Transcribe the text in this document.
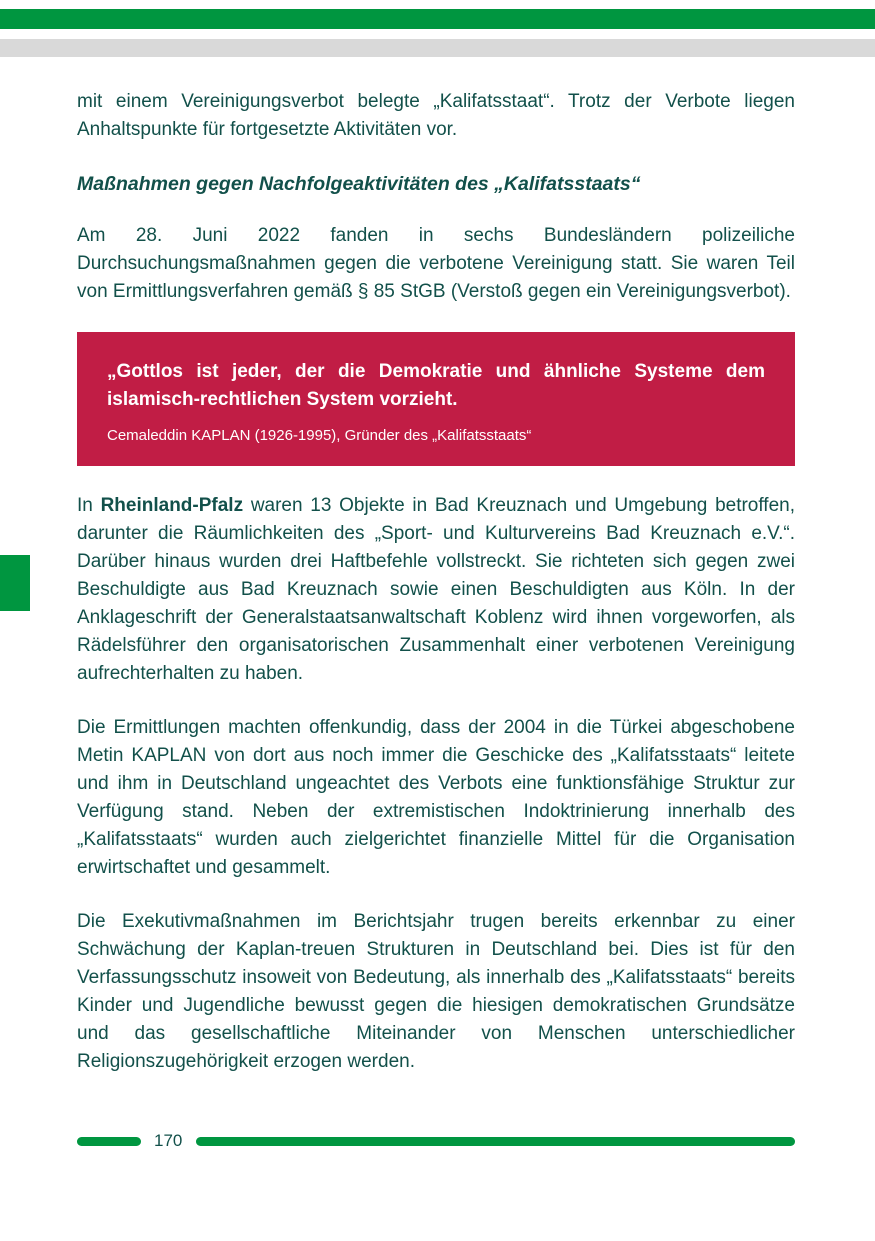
mit einem Vereinigungsverbot belegte „Kalifatsstaat“. Trotz der Verbote liegen Anhaltspunkte für fortgesetzte Aktivitäten vor.

Maßnahmen gegen Nachfolgeaktivitäten des „Kalifatsstaats“

Am 28. Juni 2022 fanden in sechs Bundesländern polizeiliche Durchsuchungsmaßnahmen gegen die verbotene Vereinigung statt. Sie waren Teil von Ermittlungsverfahren gemäß § 85 StGB (Verstoß gegen ein Vereinigungsverbot).

„Gottlos ist jeder, der die Demokratie und ähnliche Systeme dem islamisch-rechtlichen System vorzieht.

Cemaleddin KAPLAN (1926-1995), Gründer des „Kalifatsstaats“

In Rheinland-Pfalz waren 13 Objekte in Bad Kreuznach und Umgebung betroffen, darunter die Räumlichkeiten des „Sport- und Kulturvereins Bad Kreuznach e.V.“. Darüber hinaus wurden drei Haftbefehle vollstreckt. Sie richteten sich gegen zwei Beschuldigte aus Bad Kreuznach sowie einen Beschuldigten aus Köln. In der Anklageschrift der Generalstaatsanwaltschaft Koblenz wird ihnen vorgeworfen, als Rädelsführer den organisatorischen Zusammenhalt einer verbotenen Vereinigung aufrechterhalten zu haben.

Die Ermittlungen machten offenkundig, dass der 2004 in die Türkei abgeschobene Metin KAPLAN von dort aus noch immer die Geschicke des „Kalifatsstaats“ leitete und ihm in Deutschland ungeachtet des Verbots eine funktionsfähige Struktur zur Verfügung stand. Neben der extremistischen Indoktrinierung innerhalb des „Kalifatsstaats“ wurden auch zielgerichtet finanzielle Mittel für die Organisation erwirtschaftet und gesammelt.

Die Exekutivmaßnahmen im Berichtsjahr trugen bereits erkennbar zu einer Schwächung der Kaplan-treuen Strukturen in Deutschland bei. Dies ist für den Verfassungsschutz insoweit von Bedeutung, als innerhalb des „Kalifatsstaats“ bereits Kinder und Jugendliche bewusst gegen die hiesigen demokratischen Grundsätze und das gesellschaftliche Miteinander von Menschen unterschiedlicher Religionszugehörigkeit erzogen werden.

170
